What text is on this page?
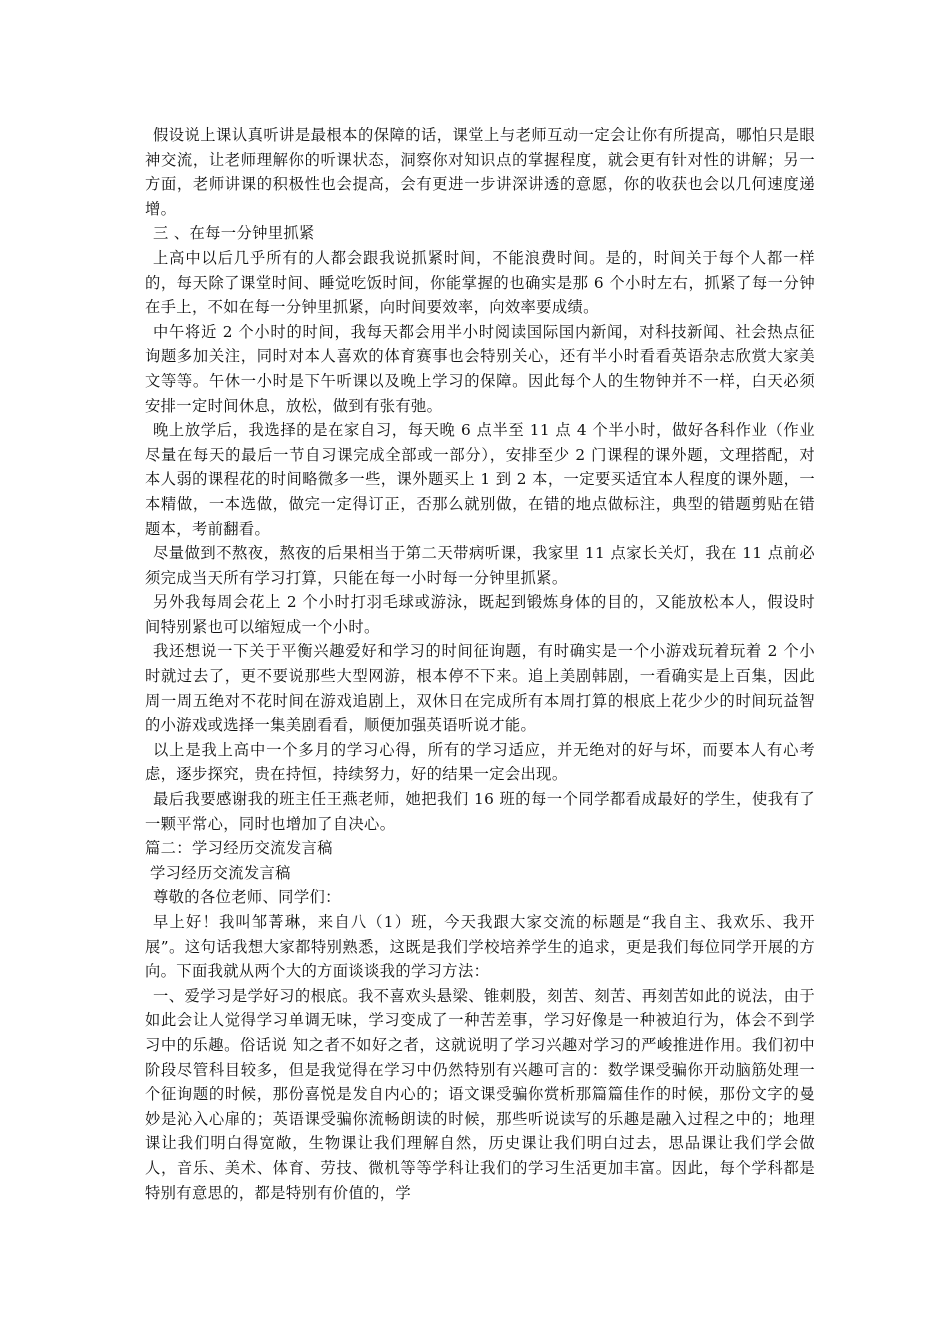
假设说上课认真听讲是最根本的保障的话，课堂上与老师互动一定会让你有所提高，哪怕只是眼神交流，让老师理解你的听课状态，洞察你对知识点的掌握程度，就会更有针对性的讲解；另一方面，老师讲课的积极性也会提高，会有更进一步讲深讲透的意愿，你的收获也会以几何速度递增。

三 、在每一分钟里抓紧

上高中以后几乎所有的人都会跟我说抓紧时间，不能浪费时间。是的，时间关于每个人都一样的，每天除了课堂时间、睡觉吃饭时间，你能掌握的也确实是那 6 个小时左右，抓紧了每一分钟在手上，不如在每一分钟里抓紧，向时间要效率，向效率要成绩。

中午将近 2 个小时的时间，我每天都会用半小时阅读国际国内新闻，对科技新闻、社会热点征询题多加关注，同时对本人喜欢的体育赛事也会特别关心，还有半小时看看英语杂志欣赏大家美文等等。午休一小时是下午听课以及晚上学习的保障。因此每个人的生物钟并不一样，白天必须安排一定时间休息，放松，做到有张有弛。

晚上放学后，我选择的是在家自习，每天晚 6 点半至 11 点 4 个半小时，做好各科作业（作业尽量在每天的最后一节自习课完成全部或一部分），安排至少 2 门课程的课外题，文理搭配，对本人弱的课程花的时间略微多一些，课外题买上 1 到 2 本，一定要买适宜本人程度的课外题，一本精做，一本选做，做完一定得订正，否那么就别做，在错的地点做标注，典型的错题剪贴在错题本，考前翻看。

尽量做到不熬夜，熬夜的后果相当于第二天带病听课，我家里 11 点家长关灯，我在 11 点前必须完成当天所有学习打算，只能在每一小时每一分钟里抓紧。

另外我每周会花上 2 个小时打羽毛球或游泳，既起到锻炼身体的目的，又能放松本人，假设时间特别紧也可以缩短成一个小时。

我还想说一下关于平衡兴趣爱好和学习的时间征询题，有时确实是一个小游戏玩着玩着 2 个小时就过去了，更不要说那些大型网游，根本停不下来。追上美剧韩剧，一看确实是上百集，因此周一周五绝对不花时间在游戏追剧上，双休日在完成所有本周打算的根底上花少少的时间玩益智的小游戏或选择一集美剧看看，顺便加强英语听说才能。

以上是我上高中一个多月的学习心得，所有的学习适应，并无绝对的好与坏，而要本人有心考虑，逐步探究，贵在持恒，持续努力，好的结果一定会出现。

最后我要感谢我的班主任王燕老师，她把我们 16 班的每一个同学都看成最好的学生，使我有了一颗平常心，同时也增加了自决心。

篇二：学习经历交流发言稿

学习经历交流发言稿

尊敬的各位老师、同学们：

早上好！我叫邹菁琳，来自八（1）班，今天我跟大家交流的标题是“我自主、我欢乐、我开展”。这句话我想大家都特别熟悉，这既是我们学校培养学生的追求，更是我们每位同学开展的方向。下面我就从两个大的方面谈谈我的学习方法：

一、爱学习是学好习的根底。我不喜欢头悬梁、锥刺股，刻苦、刻苦、再刻苦如此的说法，由于如此会让人觉得学习单调无味，学习变成了一种苦差事，学习好像是一种被迫行为，体会不到学习中的乐趣。俗话说 知之者不如好之者，这就说明了学习兴趣对学习的严峻推进作用。我们初中阶段尽管科目较多，但是我觉得在学习中仍然特别有兴趣可言的：数学课受骗你开动脑筋处理一个征询题的时候，那份喜悦是发自内心的；语文课受骗你赏析那篇篇佳作的时候，那份文字的曼妙是沁入心扉的；英语课受骗你流畅朗读的时候，那些听说读写的乐趣是融入过程之中的；地理课让我们明白得宽敞，生物课让我们理解自然，历史课让我们明白过去，思品课让我们学会做人，音乐、美术、体育、劳技、微机等等学科让我们的学习生活更加丰富。因此，每个学科都是特别有意思的，都是特别有价值的，学
